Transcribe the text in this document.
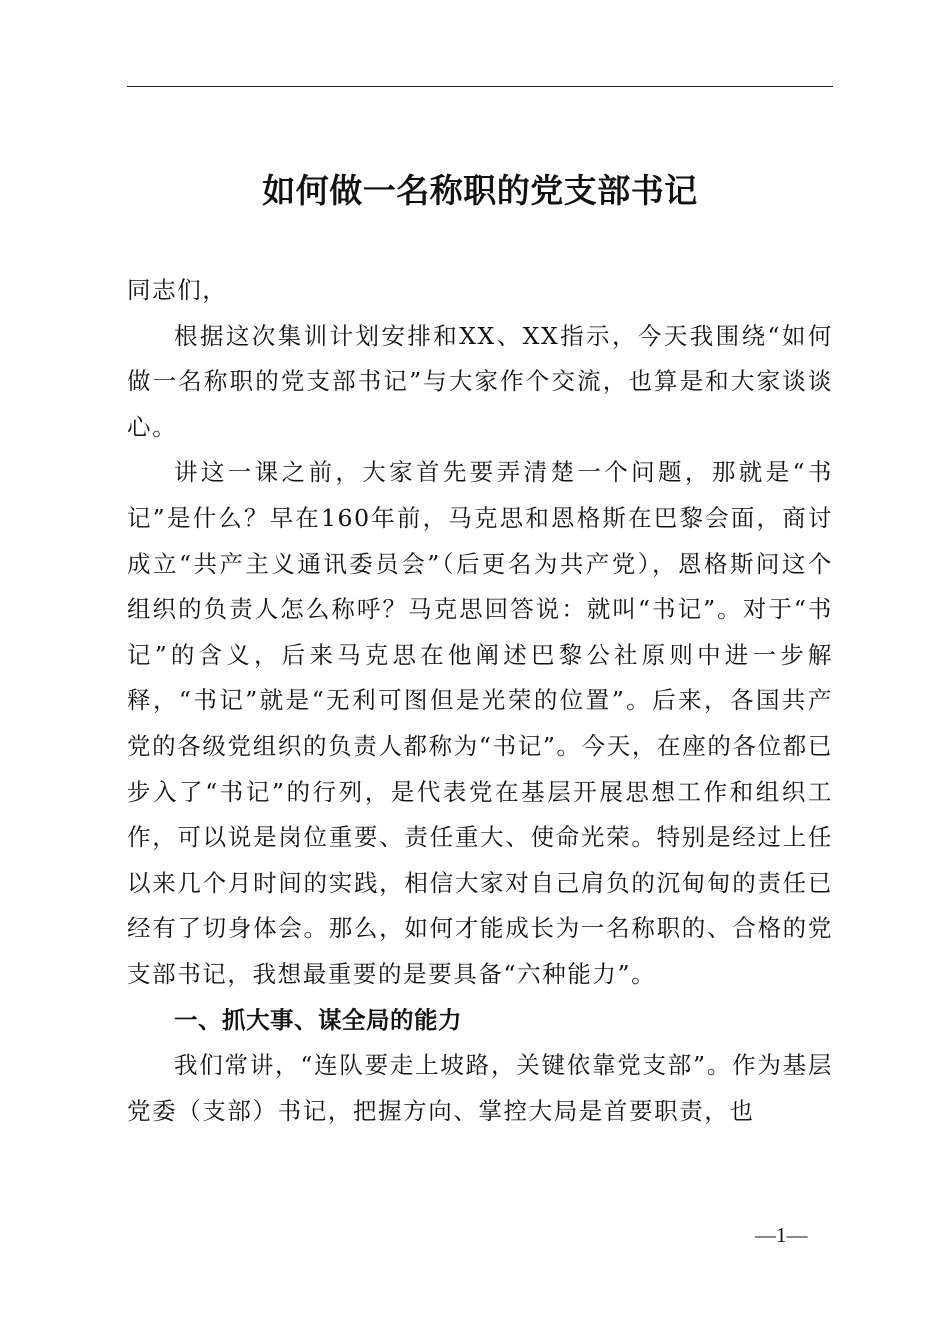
如何做一名称职的党支部书记

同志们，

根据这次集训计划安排和XX、XX指示，今天我围绕“如何做一名称职的党支部书记”与大家作个交流，也算是和大家谈谈心。

讲这一课之前，大家首先要弄清楚一个问题，那就是“书记”是什么？早在160年前，马克思和恩格斯在巴黎会面，商讨成立“共产主义通讯委员会”（后更名为共产党），恩格斯问这个组织的负责人怎么称呼？马克思回答说：就叫“书记”。对于“书记”的含义，后来马克思在他阐述巴黎公社原则中进一步解释，“书记”就是“无利可图但是光荣的位置”。后来，各国共产党的各级党组织的负责人都称为“书记”。今天，在座的各位都已步入了“书记”的行列，是代表党在基层开展思想工作和组织工作，可以说是岗位重要、责任重大、使命光荣。特别是经过上任以来几个月时间的实践，相信大家对自己肩负的沉甸甸的责任已经有了切身体会。那么，如何才能成长为一名称职的、合格的党支部书记，我想最重要的是要具备“六种能力”。

一、抓大事、谋全局的能力

我们常讲，“连队要走上坡路，关键依靠党支部”。作为基层党委（支部）书记，把握方向、掌控大局是首要职责，也

—1—
